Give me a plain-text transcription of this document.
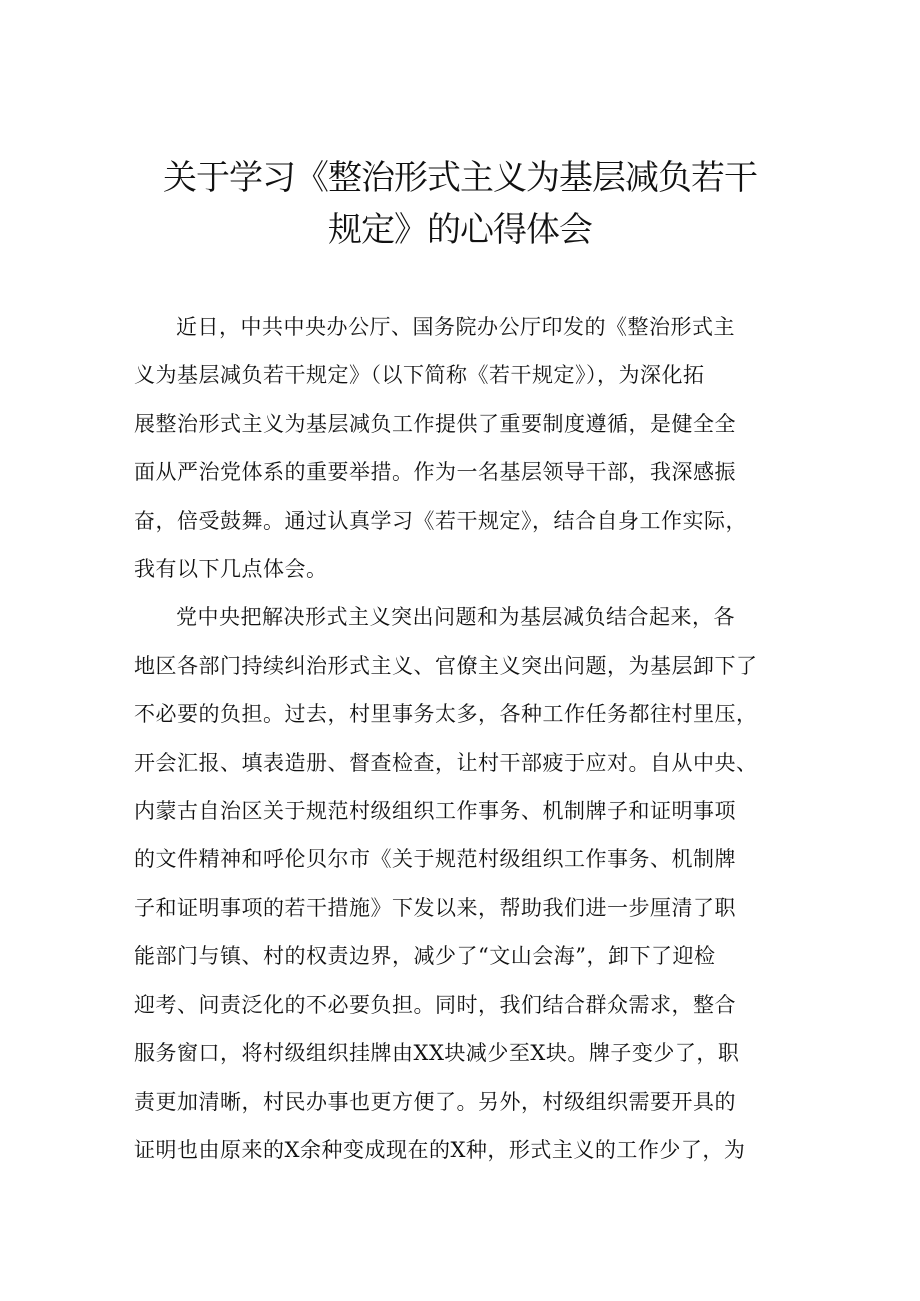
关于学习《整治形式主义为基层减负若干
规定》的心得体会
近日，中共中央办公厅、国务院办公厅印发的《整治形式主
义为基层减负若干规定》（以下简称《若干规定》），为深化拓
展整治形式主义为基层减负工作提供了重要制度遵循，是健全全
面从严治党体系的重要举措。作为一名基层领导干部，我深感振
奋，倍受鼓舞。通过认真学习《若干规定》，结合自身工作实际，
我有以下几点体会。
党中央把解决形式主义突出问题和为基层减负结合起来，各
地区各部门持续纠治形式主义、官僚主义突出问题，为基层卸下了
不必要的负担。过去，村里事务太多，各种工作任务都往村里压，
开会汇报、填表造册、督查检查，让村干部疲于应对。自从中央、
内蒙古自治区关于规范村级组织工作事务、机制牌子和证明事项
的文件精神和呼伦贝尔市《关于规范村级组织工作事务、机制牌
子和证明事项的若干措施》下发以来，帮助我们进一步厘清了职
能部门与镇、村的权责边界，减少了“文山会海”，卸下了迎检
迎考、问责泛化的不必要负担。同时，我们结合群众需求，整合
服务窗口，将村级组织挂牌由XX块减少至X块。牌子变少了，职
责更加清晰，村民办事也更方便了。另外，村级组织需要开具的
证明也由原来的X余种变成现在的X种，形式主义的工作少了，为
